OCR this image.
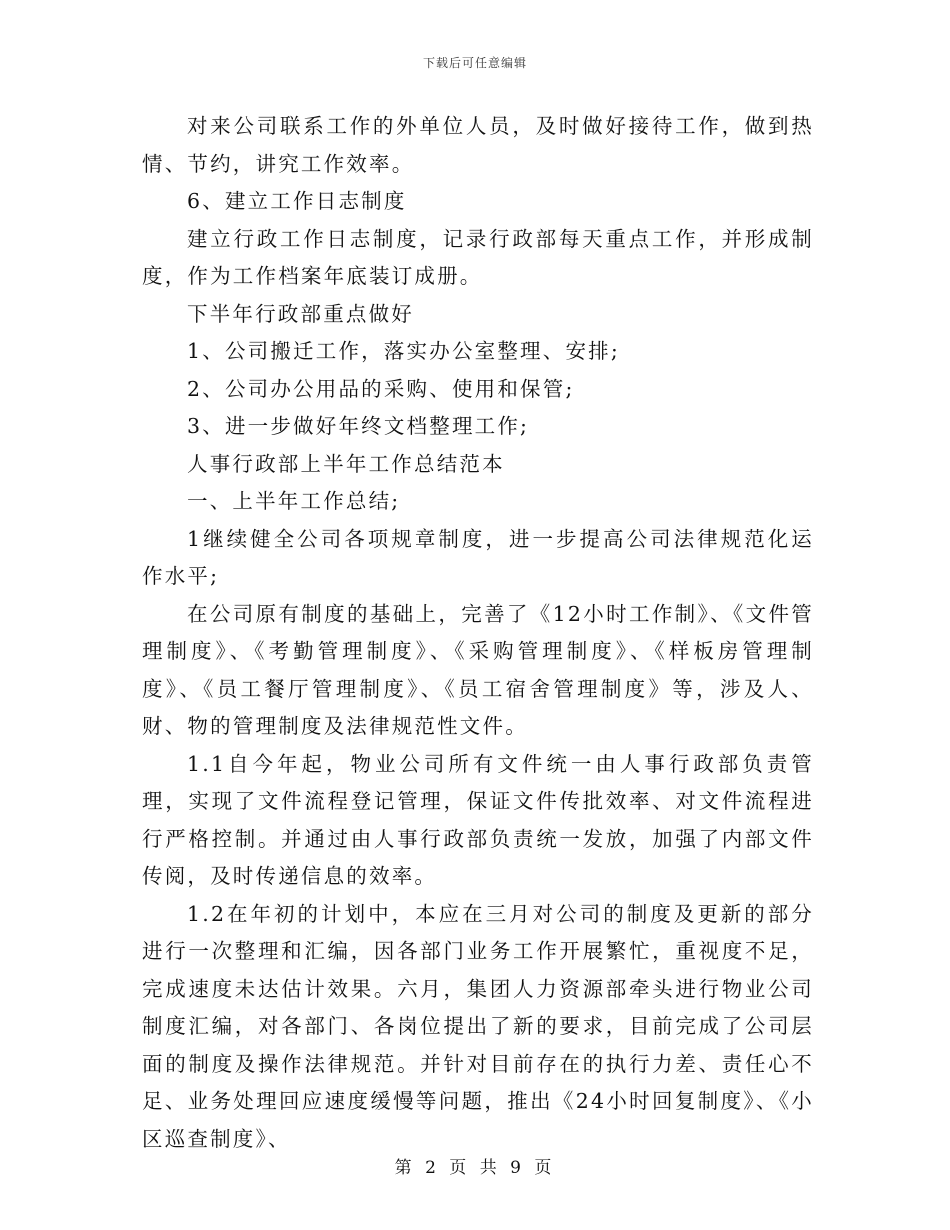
下载后可任意编辑

对来公司联系工作的外单位人员，及时做好接待工作，做到热情、节约，讲究工作效率。

6、建立工作日志制度

建立行政工作日志制度，记录行政部每天重点工作，并形成制度，作为工作档案年底装订成册。

下半年行政部重点做好

1、公司搬迁工作，落实办公室整理、安排;

2、公司办公用品的采购、使用和保管;

3、进一步做好年终文档整理工作;

人事行政部上半年工作总结范本

一、上半年工作总结;

1继续健全公司各项规章制度，进一步提高公司法律规范化运作水平;

在公司原有制度的基础上，完善了《12小时工作制》、《文件管理制度》、《考勤管理制度》、《采购管理制度》、《样板房管理制度》、《员工餐厅管理制度》、《员工宿舍管理制度》等，涉及人、财、物的管理制度及法律规范性文件。

1.1自今年起，物业公司所有文件统一由人事行政部负责管理，实现了文件流程登记管理，保证文件传批效率、对文件流程进行严格控制。并通过由人事行政部负责统一发放，加强了内部文件传阅，及时传递信息的效率。

1.2在年初的计划中，本应在三月对公司的制度及更新的部分进行一次整理和汇编，因各部门业务工作开展繁忙，重视度不足，完成速度未达估计效果。六月，集团人力资源部牵头进行物业公司制度汇编，对各部门、各岗位提出了新的要求，目前完成了公司层面的制度及操作法律规范。并针对目前存在的执行力差、责任心不足、业务处理回应速度缓慢等问题，推出《24小时回复制度》、《小区巡查制度》、

第 2 页 共 9 页
